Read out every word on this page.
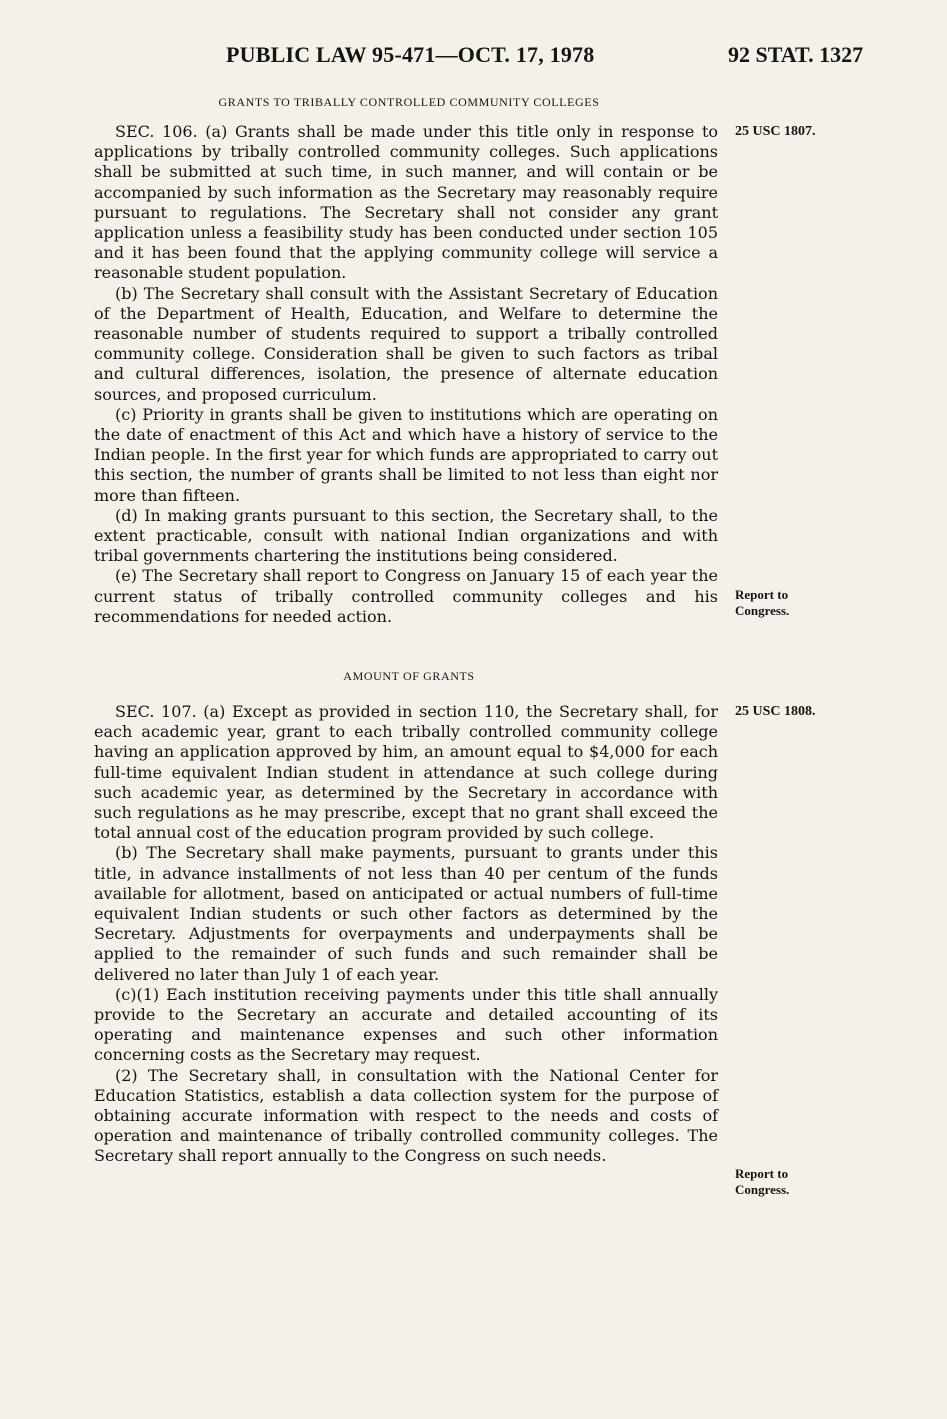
PUBLIC LAW 95-471—OCT. 17, 1978	92 STAT. 1327
GRANTS TO TRIBALLY CONTROLLED COMMUNITY COLLEGES

SEC. 106. (a) Grants shall be made under this title only in response to applications by tribally controlled community colleges. Such applications shall be submitted at such time, in such manner, and will contain or be accompanied by such information as the Secretary may reasonably require pursuant to regulations. The Secretary shall not consider any grant application unless a feasibility study has been conducted under section 105 and it has been found that the applying community college will service a reasonable student population.

(b) The Secretary shall consult with the Assistant Secretary of Education of the Department of Health, Education, and Welfare to determine the reasonable number of students required to support a tribally controlled community college. Consideration shall be given to such factors as tribal and cultural differences, isolation, the presence of alternate education sources, and proposed curriculum.

(c) Priority in grants shall be given to institutions which are operating on the date of enactment of this Act and which have a history of service to the Indian people. In the first year for which funds are appropriated to carry out this section, the number of grants shall be limited to not less than eight nor more than fifteen.

(d) In making grants pursuant to this section, the Secretary shall, to the extent practicable, consult with national Indian organizations and with tribal governments chartering the institutions being considered.

(e) The Secretary shall report to Congress on January 15 of each year the current status of tribally controlled community colleges and his recommendations for needed action.

AMOUNT OF GRANTS

SEC. 107. (a) Except as provided in section 110, the Secretary shall, for each academic year, grant to each tribally controlled community college having an application approved by him, an amount equal to $4,000 for each full-time equivalent Indian student in attendance at such college during such academic year, as determined by the Secretary in accordance with such regulations as he may prescribe, except that no grant shall exceed the total annual cost of the education program provided by such college.

(b) The Secretary shall make payments, pursuant to grants under this title, in advance installments of not less than 40 per centum of the funds available for allotment, based on anticipated or actual numbers of full-time equivalent Indian students or such other factors as determined by the Secretary. Adjustments for overpayments and underpayments shall be applied to the remainder of such funds and such remainder shall be delivered no later than July 1 of each year.

(c)(1) Each institution receiving payments under this title shall annually provide to the Secretary an accurate and detailed accounting of its operating and maintenance expenses and such other information concerning costs as the Secretary may request.

(2) The Secretary shall, in consultation with the National Center for Education Statistics, establish a data collection system for the purpose of obtaining accurate information with respect to the needs and costs of operation and maintenance of tribally controlled community colleges. The Secretary shall report annually to the Congress on such needs.

25 USC 1807.
Report to
Congress.
25 USC 1808.
Report to
Congress.
